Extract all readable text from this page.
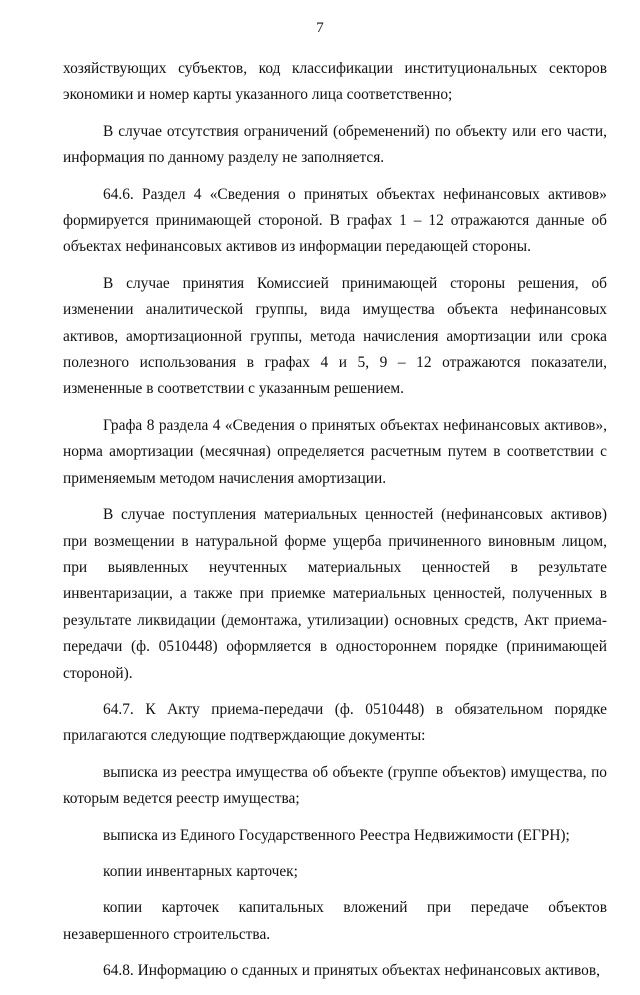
7

хозяйствующих субъектов, код классификации институциональных секторов экономики и номер карты указанного лица соответственно;

В случае отсутствия ограничений (обременений) по объекту или его части, информация по данному разделу не заполняется.

64.6. Раздел 4 «Сведения о принятых объектах нефинансовых активов» формируется принимающей стороной. В графах 1 – 12 отражаются данные об объектах нефинансовых активов из информации передающей стороны.

В случае принятия Комиссией принимающей стороны решения, об изменении аналитической группы, вида имущества объекта нефинансовых активов, амортизационной группы, метода начисления амортизации или срока полезного использования в графах 4 и 5, 9 – 12 отражаются показатели, измененные в соответствии с указанным решением.

Графа 8 раздела 4 «Сведения о принятых объектах нефинансовых активов», норма амортизации (месячная) определяется расчетным путем в соответствии с применяемым методом начисления амортизации.

В случае поступления материальных ценностей (нефинансовых активов) при возмещении в натуральной форме ущерба причиненного виновным лицом, при выявленных неучтенных материальных ценностей в результате инвентаризации, а также при приемке материальных ценностей, полученных в результате ликвидации (демонтажа, утилизации) основных средств, Акт приема-передачи (ф. 0510448) оформляется в одностороннем порядке (принимающей стороной).

64.7. К Акту приема-передачи (ф. 0510448) в обязательном порядке прилагаются следующие подтверждающие документы:

выписка из реестра имущества об объекте (группе объектов) имущества, по которым ведется реестр имущества;

выписка из Единого Государственного Реестра Недвижимости (ЕГРН);

копии инвентарных карточек;

копии карточек капитальных вложений при передаче объектов незавершенного строительства.

64.8. Информацию о сданных и принятых объектах нефинансовых активов,
